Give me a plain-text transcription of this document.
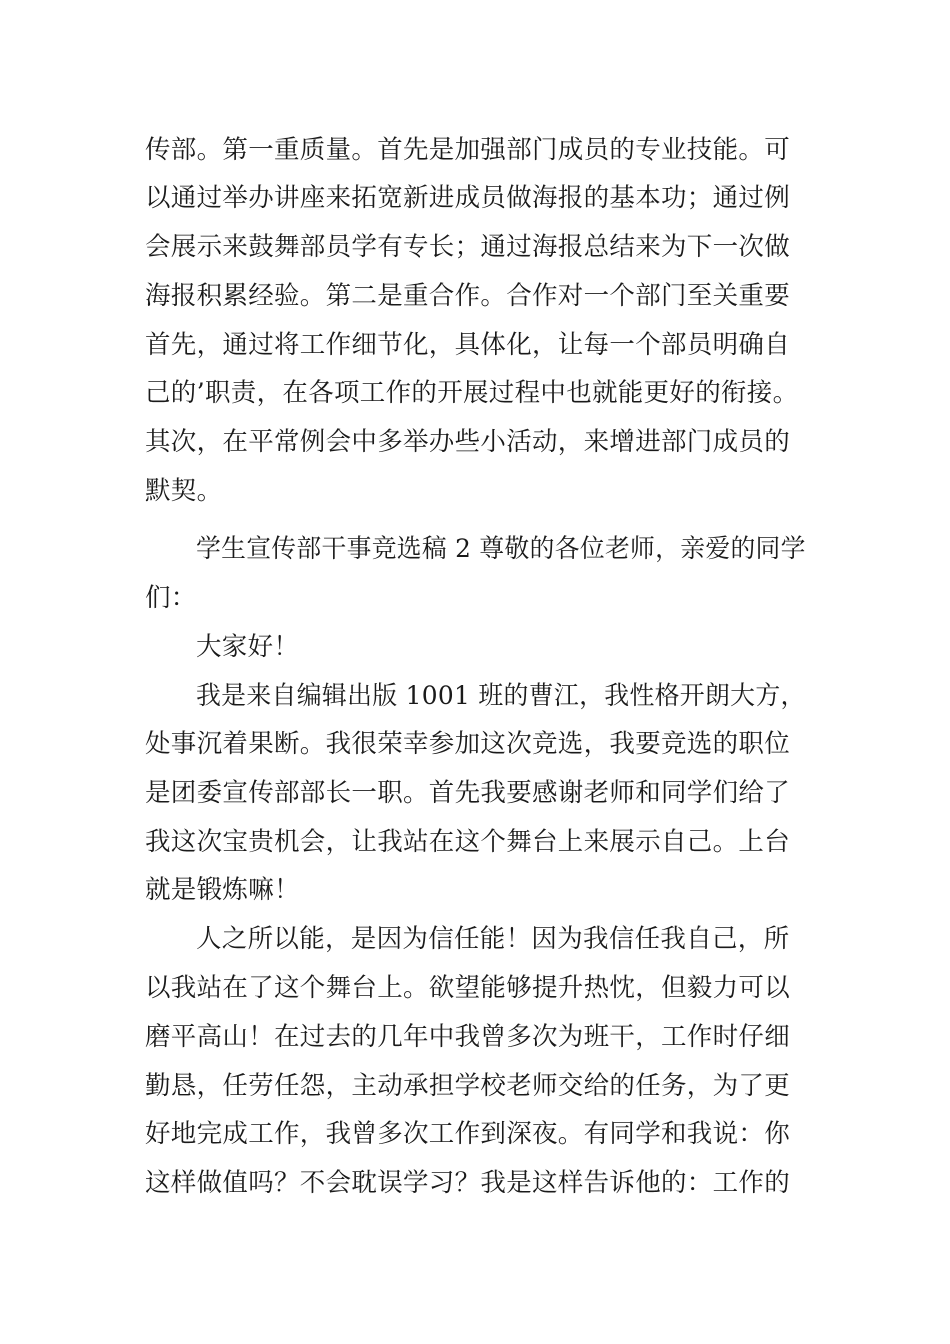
传部。第一重质量。首先是加强部门成员的专业技能。可
以通过举办讲座来拓宽新进成员做海报的基本功；通过例
会展示来鼓舞部员学有专长；通过海报总结来为下一次做
海报积累经验。第二是重合作。合作对一个部门至关重要
首先，通过将工作细节化，具体化，让每一个部员明确自
己的’职责，在各项工作的开展过程中也就能更好的衔接。
其次，在平常例会中多举办些小活动，来增进部门成员的
默契。
学生宣传部干事竞选稿 2 尊敬的各位老师，亲爱的同学
们：
大家好！
我是来自编辑出版 1001 班的曹江，我性格开朗大方，
处事沉着果断。我很荣幸参加这次竞选，我要竞选的职位
是团委宣传部部长一职。首先我要感谢老师和同学们给了
我这次宝贵机会，让我站在这个舞台上来展示自己。上台
就是锻炼嘛！
人之所以能，是因为信任能！因为我信任我自己，所
以我站在了这个舞台上。欲望能够提升热忱，但毅力可以
磨平高山！在过去的几年中我曾多次为班干，工作时仔细
勤恳，任劳任怨，主动承担学校老师交给的任务，为了更
好地完成工作，我曾多次工作到深夜。有同学和我说：你
这样做值吗？不会耽误学习？我是这样告诉他的：工作的
